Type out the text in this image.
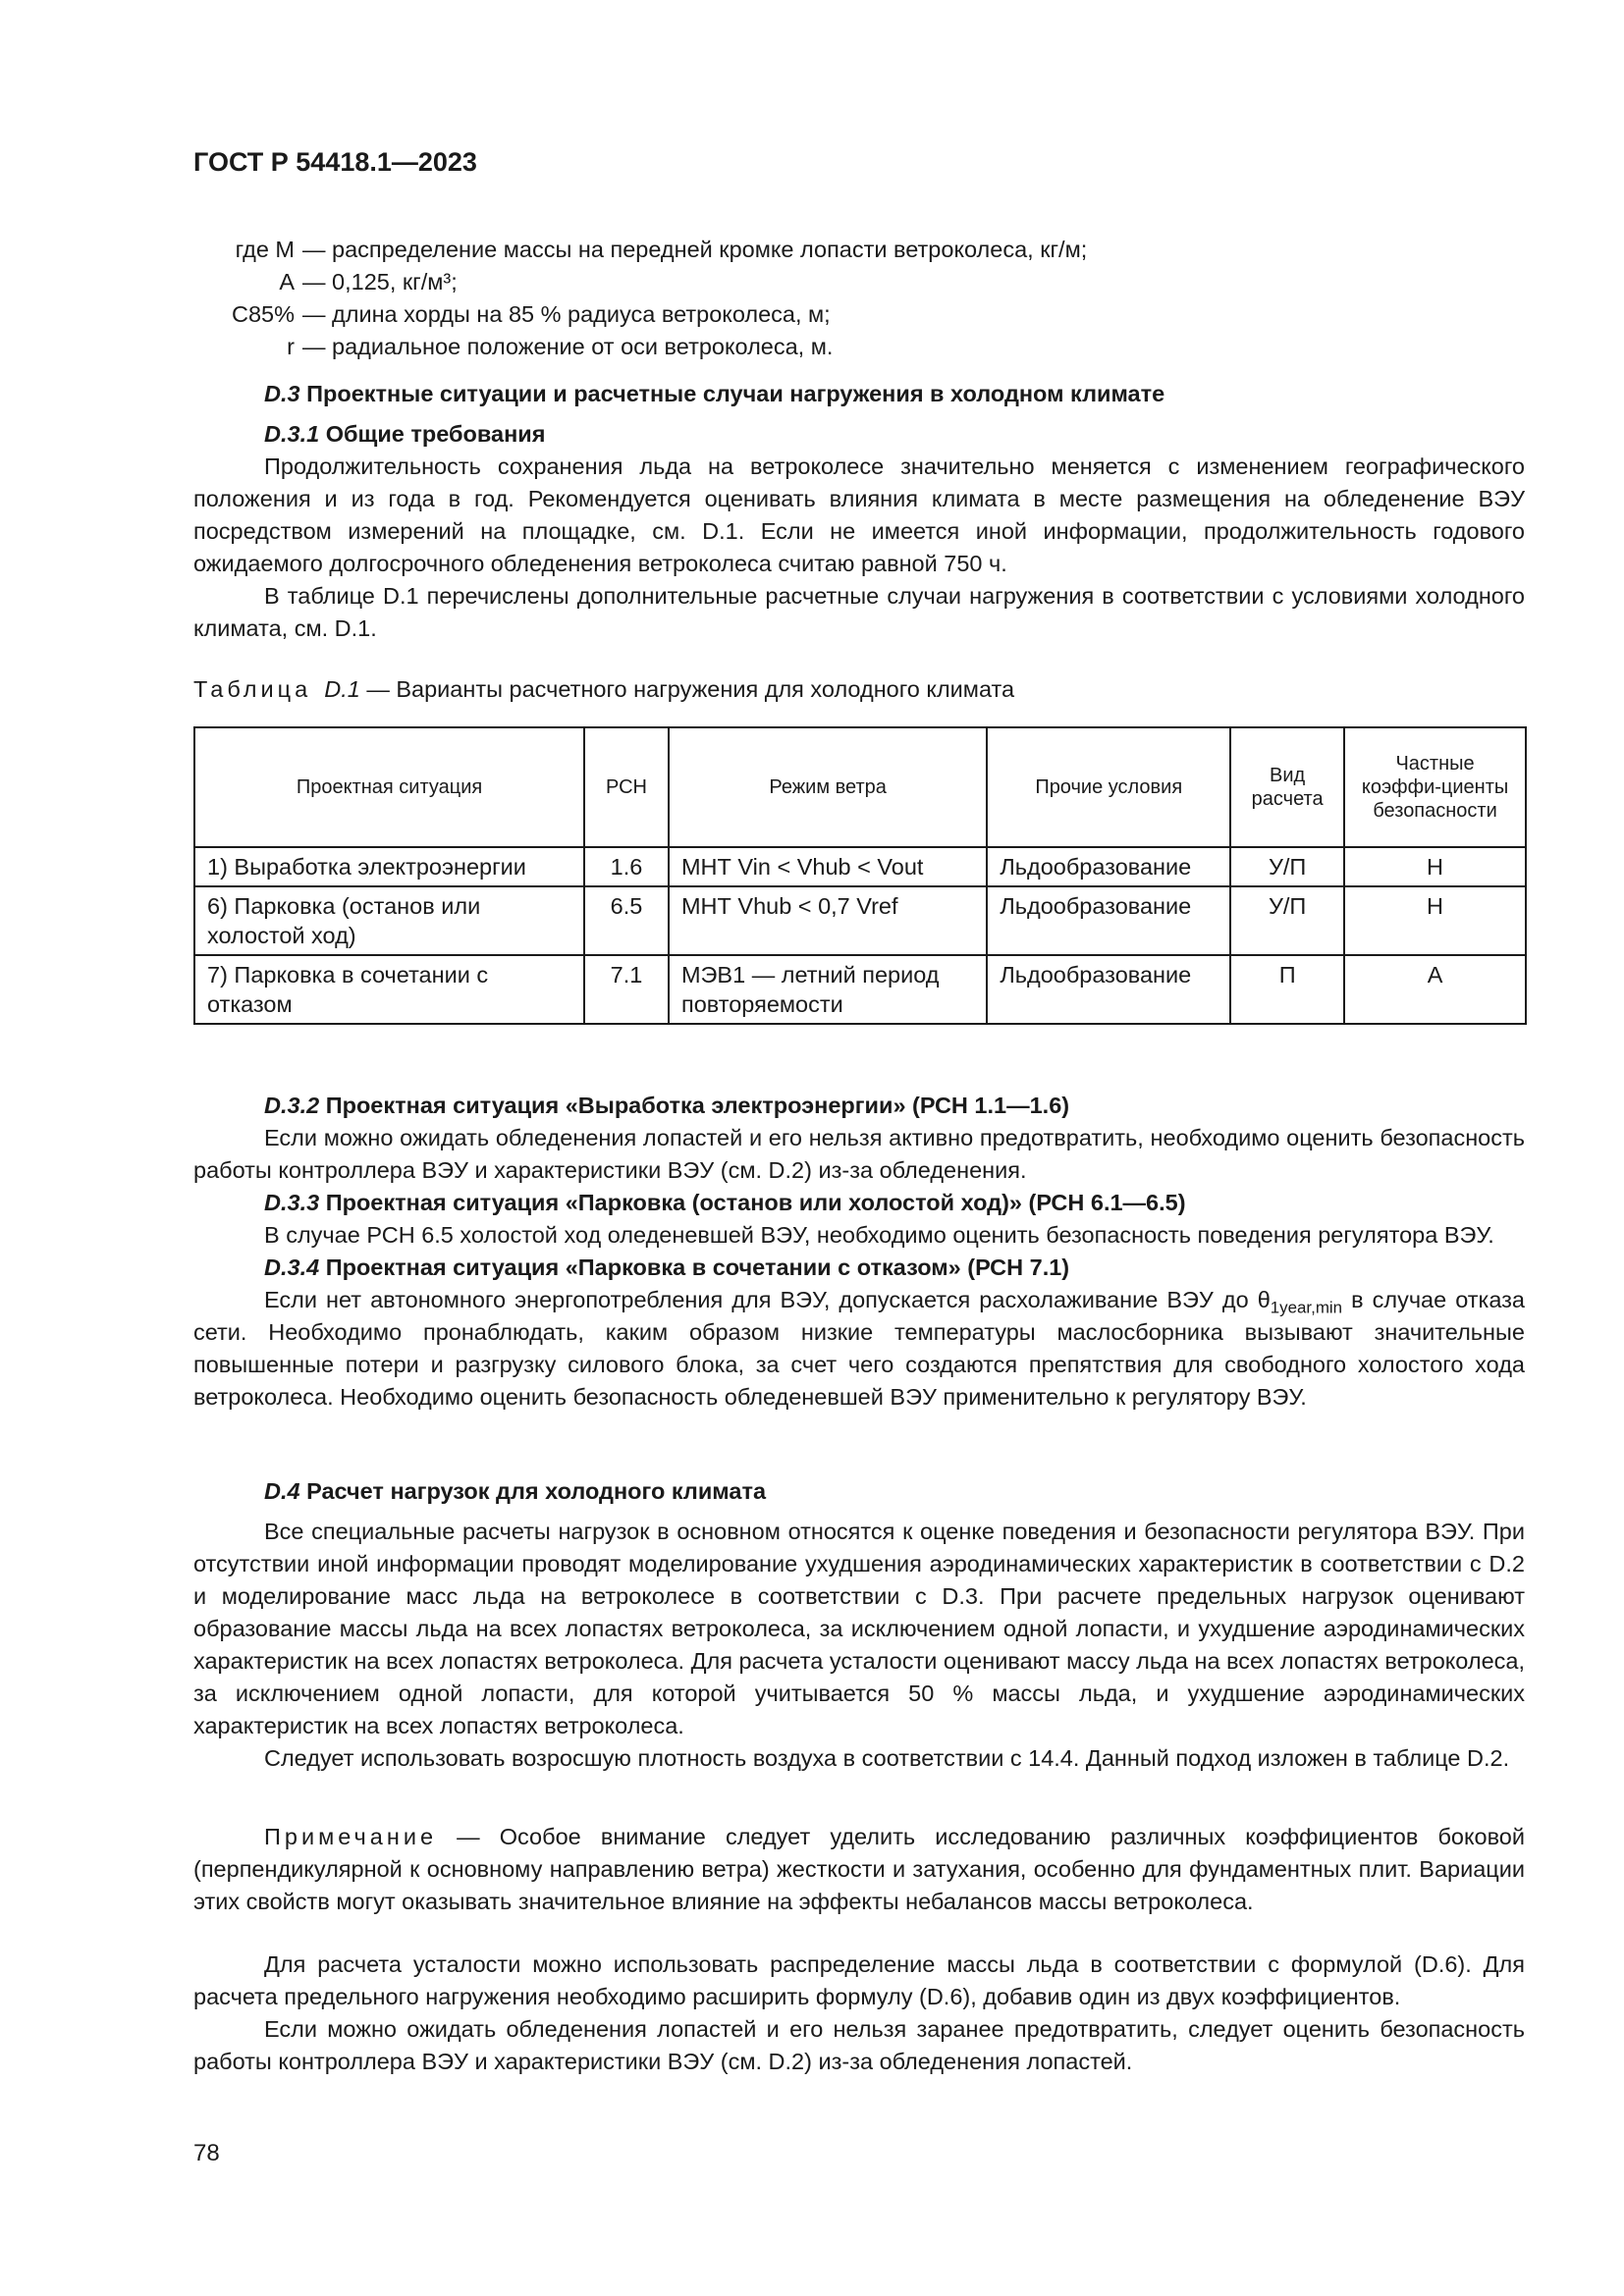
ГОСТ Р 54418.1—2023
где M — распределение массы на передней кромке лопасти ветроколеса, кг/м;
A — 0,125, кг/м³;
C85% — длина хорды на 85 % радиуса ветроколеса, м;
r — радиальное положение от оси ветроколеса, м.

D.3 Проектные ситуации и расчетные случаи нагружения в холодном климате

D.3.1 Общие требования

Продолжительность сохранения льда на ветроколесе значительно меняется с изменением географического положения и из года в год. Рекомендуется оценивать влияния климата в месте размещения на обледенение ВЭУ посредством измерений на площадке, см. D.1. Если не имеется иной информации, продолжительность годового ожидаемого долгосрочного обледенения ветроколеса считаю равной 750 ч.

В таблице D.1 перечислены дополнительные расчетные случаи нагружения в соответствии с условиями холодного климата, см. D.1.

Таблица D.1 — Варианты расчетного нагружения для холодного климата
Проектная ситуация	РСН	Режим ветра	Прочие условия	Вид расчета	Частные коэффи-циенты безопасности
1) Выработка электроэнергии	1.6	МНТ Vin < Vhub < Vout	Льдообразование	У/П	Н
6) Парковка (останов или холостой ход)	6.5	МНТ Vhub < 0,7 Vref	Льдообразование	У/П	Н
7) Парковка в сочетании с отказом	7.1	МЭВ1 — летний период повторяемости	Льдообразование	П	А

D.3.2 Проектная ситуация «Выработка электроэнергии» (РСН 1.1—1.6)

Если можно ожидать обледенения лопастей и его нельзя активно предотвратить, необходимо оценить безопасность работы контроллера ВЭУ и характеристики ВЭУ (см. D.2) из-за обледенения.

D.3.3 Проектная ситуация «Парковка (останов или холостой ход)» (РСН 6.1—6.5)

В случае РСН 6.5 холостой ход оледеневшей ВЭУ, необходимо оценить безопасность поведения регулятора ВЭУ.

D.3.4 Проектная ситуация «Парковка в сочетании с отказом» (РСН 7.1)

Если нет автономного энергопотребления для ВЭУ, допускается расхолаживание ВЭУ до $\theta_{1year,min}$ в случае отказа сети. Необходимо пронаблюдать, каким образом низкие температуры маслосборника вызывают значительные повышенные потери и разгрузку силового блока, за счет чего создаются препятствия для свободного холостого хода ветроколеса. Необходимо оценить безопасность обледеневшей ВЭУ применительно к регулятору ВЭУ.

D.4 Расчет нагрузок для холодного климата

Все специальные расчеты нагрузок в основном относятся к оценке поведения и безопасности регулятора ВЭУ. При отсутствии иной информации проводят моделирование ухудшения аэродинамических характеристик в соответствии с D.2 и моделирование масс льда на ветроколесе в соответствии с D.3. При расчете предельных нагрузок оценивают образование массы льда на всех лопастях ветроколеса, за исключением одной лопасти, и ухудшение аэродинамических характеристик на всех лопастях ветроколеса. Для расчета усталости оценивают массу льда на всех лопастях ветроколеса, за исключением одной лопасти, для которой учитывается 50 % массы льда, и ухудшение аэродинамических характеристик на всех лопастях ветроколеса.

Следует использовать возросшую плотность воздуха в соответствии с 14.4. Данный подход изложен в таблице D.2.

Примечание — Особое внимание следует уделить исследованию различных коэффициентов боковой (перпендикулярной к основному направлению ветра) жесткости и затухания, особенно для фундаментных плит. Вариации этих свойств могут оказывать значительное влияние на эффекты небалансов массы ветроколеса.

Для расчета усталости можно использовать распределение массы льда в соответствии с формулой (D.6). Для расчета предельного нагружения необходимо расширить формулу (D.6), добавив один из двух коэффициентов.

Если можно ожидать обледенения лопастей и его нельзя заранее предотвратить, следует оценить безопасность работы контроллера ВЭУ и характеристики ВЭУ (см. D.2) из-за обледенения лопастей.

78
